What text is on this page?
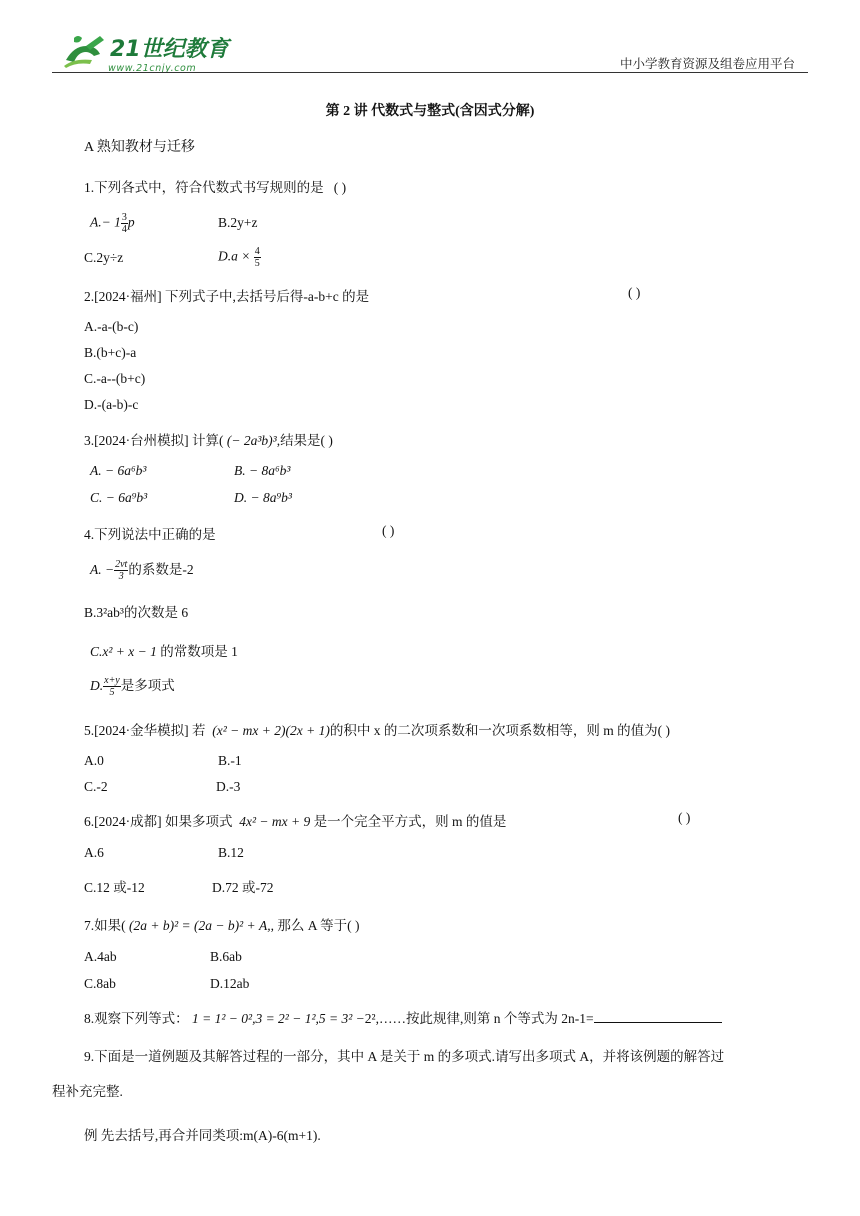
21世纪教育
www.21cnjy.com	中小学教育资源及组卷应用平台
第 2 讲 代数式与整式(含因式分解)
A 熟知教材与迁移
1.下列各式中，符合代数式书写规则的是 ( )
$A.- 1 \frac{3}{4}$ p	B.2y+z
C.2y÷z	$D.a \times \frac{4}{5}$
2.[2024·福州] 下列式子中,去括号后得-a-b+c 的是	( )
A.-a-(b-c)
B.(b+c)-a
C.-a--(b+c)
D.-(a-b)-c
3.[2024·台州模拟] 计算( (− 2a³b)³,结果是( )
A. − 6a⁶b³	B. − 8a⁶b³
C. − 6a⁹b³	D. − 8a⁹b³
4.下列说法中正确的是	( )
A. − $\frac{2vt}{3}$ 的系数是-2
B.3²ab³的次数是 6
C.x² + x − 1 的常数项是 1
D. $\frac{x+y}{5}$ 是多项式
5.[2024·金华模拟] 若 (x² − mx + 2)(2x + 1)的积中 x 的二次项系数和一次项系数相等，则 m 的值为( )
A.0	B.-1
C.-2	D.-3
6.[2024·成都] 如果多项式 4x² − mx + 9 是一个完全平方式，则 m 的值是	( )
A.6	B.12
C.12 或-12	D.72 或-72
7.如果( (2a + b)² = (2a − b)² + A,, 那么 A 等于( )
A.4ab	B.6ab
C.8ab	D.12ab
8.观察下列等式： 1 = 1² − 0²,3 = 2² − 1²,5 = 3² −2²,……按此规律,则第 n 个等式为 2n-1=
9.下面是一道例题及其解答过程的一部分，其中 A 是关于 m 的多项式.请写出多项式 A，并将该例题的解答过
程补充完整.
例 先去括号,再合并同类项:m(A)-6(m+1).
